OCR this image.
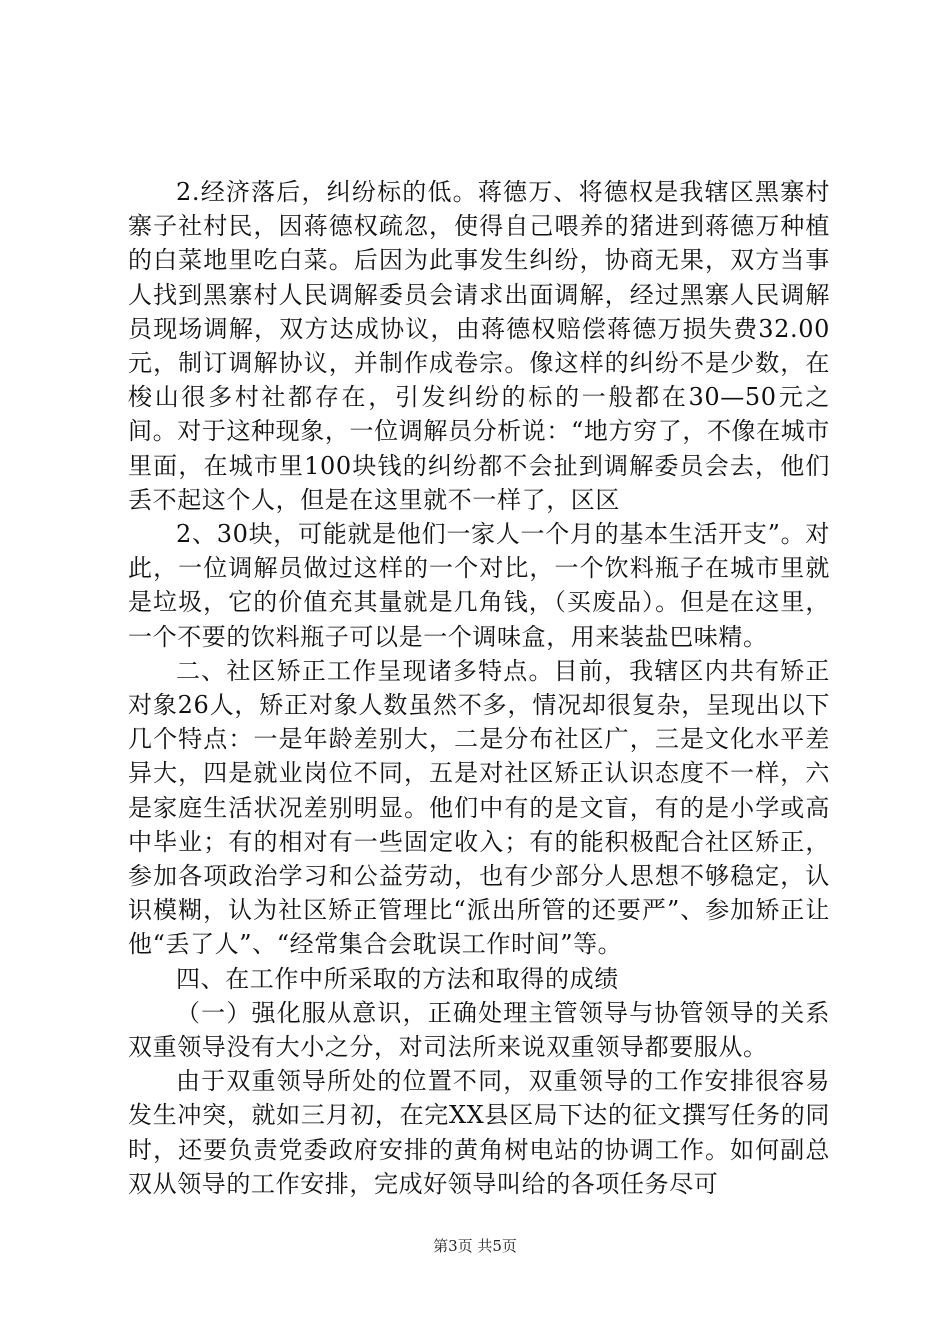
2.经济落后，纠纷标的低。蒋德万、将德权是我辖区黑寨村寨子社村民，因蒋德权疏忽，使得自己喂养的猪进到蒋德万种植的白菜地里吃白菜。后因为此事发生纠纷，协商无果，双方当事人找到黑寨村人民调解委员会请求出面调解，经过黑寨人民调解员现场调解，双方达成协议，由蒋德权赔偿蒋德万损失费32.00元，制订调解协议，并制作成卷宗。像这样的纠纷不是少数，在梭山很多村社都存在，引发纠纷的标的一般都在30—50元之间。对于这种现象，一位调解员分析说：“地方穷了，不像在城市里面，在城市里100块钱的纠纷都不会扯到调解委员会去，他们丢不起这个人，但是在这里就不一样了，区区

2、30块，可能就是他们一家人一个月的基本生活开支”。对此，一位调解员做过这样的一个对比，一个饮料瓶子在城市里就是垃圾，它的价值充其量就是几角钱，（买废品）。但是在这里，一个不要的饮料瓶子可以是一个调味盒，用来装盐巴味精。

二、社区矫正工作呈现诸多特点。目前，我辖区内共有矫正对象26人，矫正对象人数虽然不多，情况却很复杂，呈现出以下几个特点：一是年龄差别大，二是分布社区广，三是文化水平差异大，四是就业岗位不同，五是对社区矫正认识态度不一样，六是家庭生活状况差别明显。他们中有的是文盲，有的是小学或高中毕业；有的相对有一些固定收入；有的能积极配合社区矫正，参加各项政治学习和公益劳动，也有少部分人思想不够稳定，认识模糊，认为社区矫正管理比“派出所管的还要严”、参加矫正让他“丢了人”、“经常集合会耽误工作时间”等。

四、在工作中所采取的方法和取得的成绩

（一）强化服从意识，正确处理主管领导与协管领导的关系双重领导没有大小之分，对司法所来说双重领导都要服从。

由于双重领导所处的位置不同，双重领导的工作安排很容易发生冲突，就如三月初，在完XX县区局下达的征文撰写任务的同时，还要负责党委政府安排的黄角树电站的协调工作。如何副总双从领导的工作安排，完成好领导叫给的各项任务尽可

第3页 共5页
